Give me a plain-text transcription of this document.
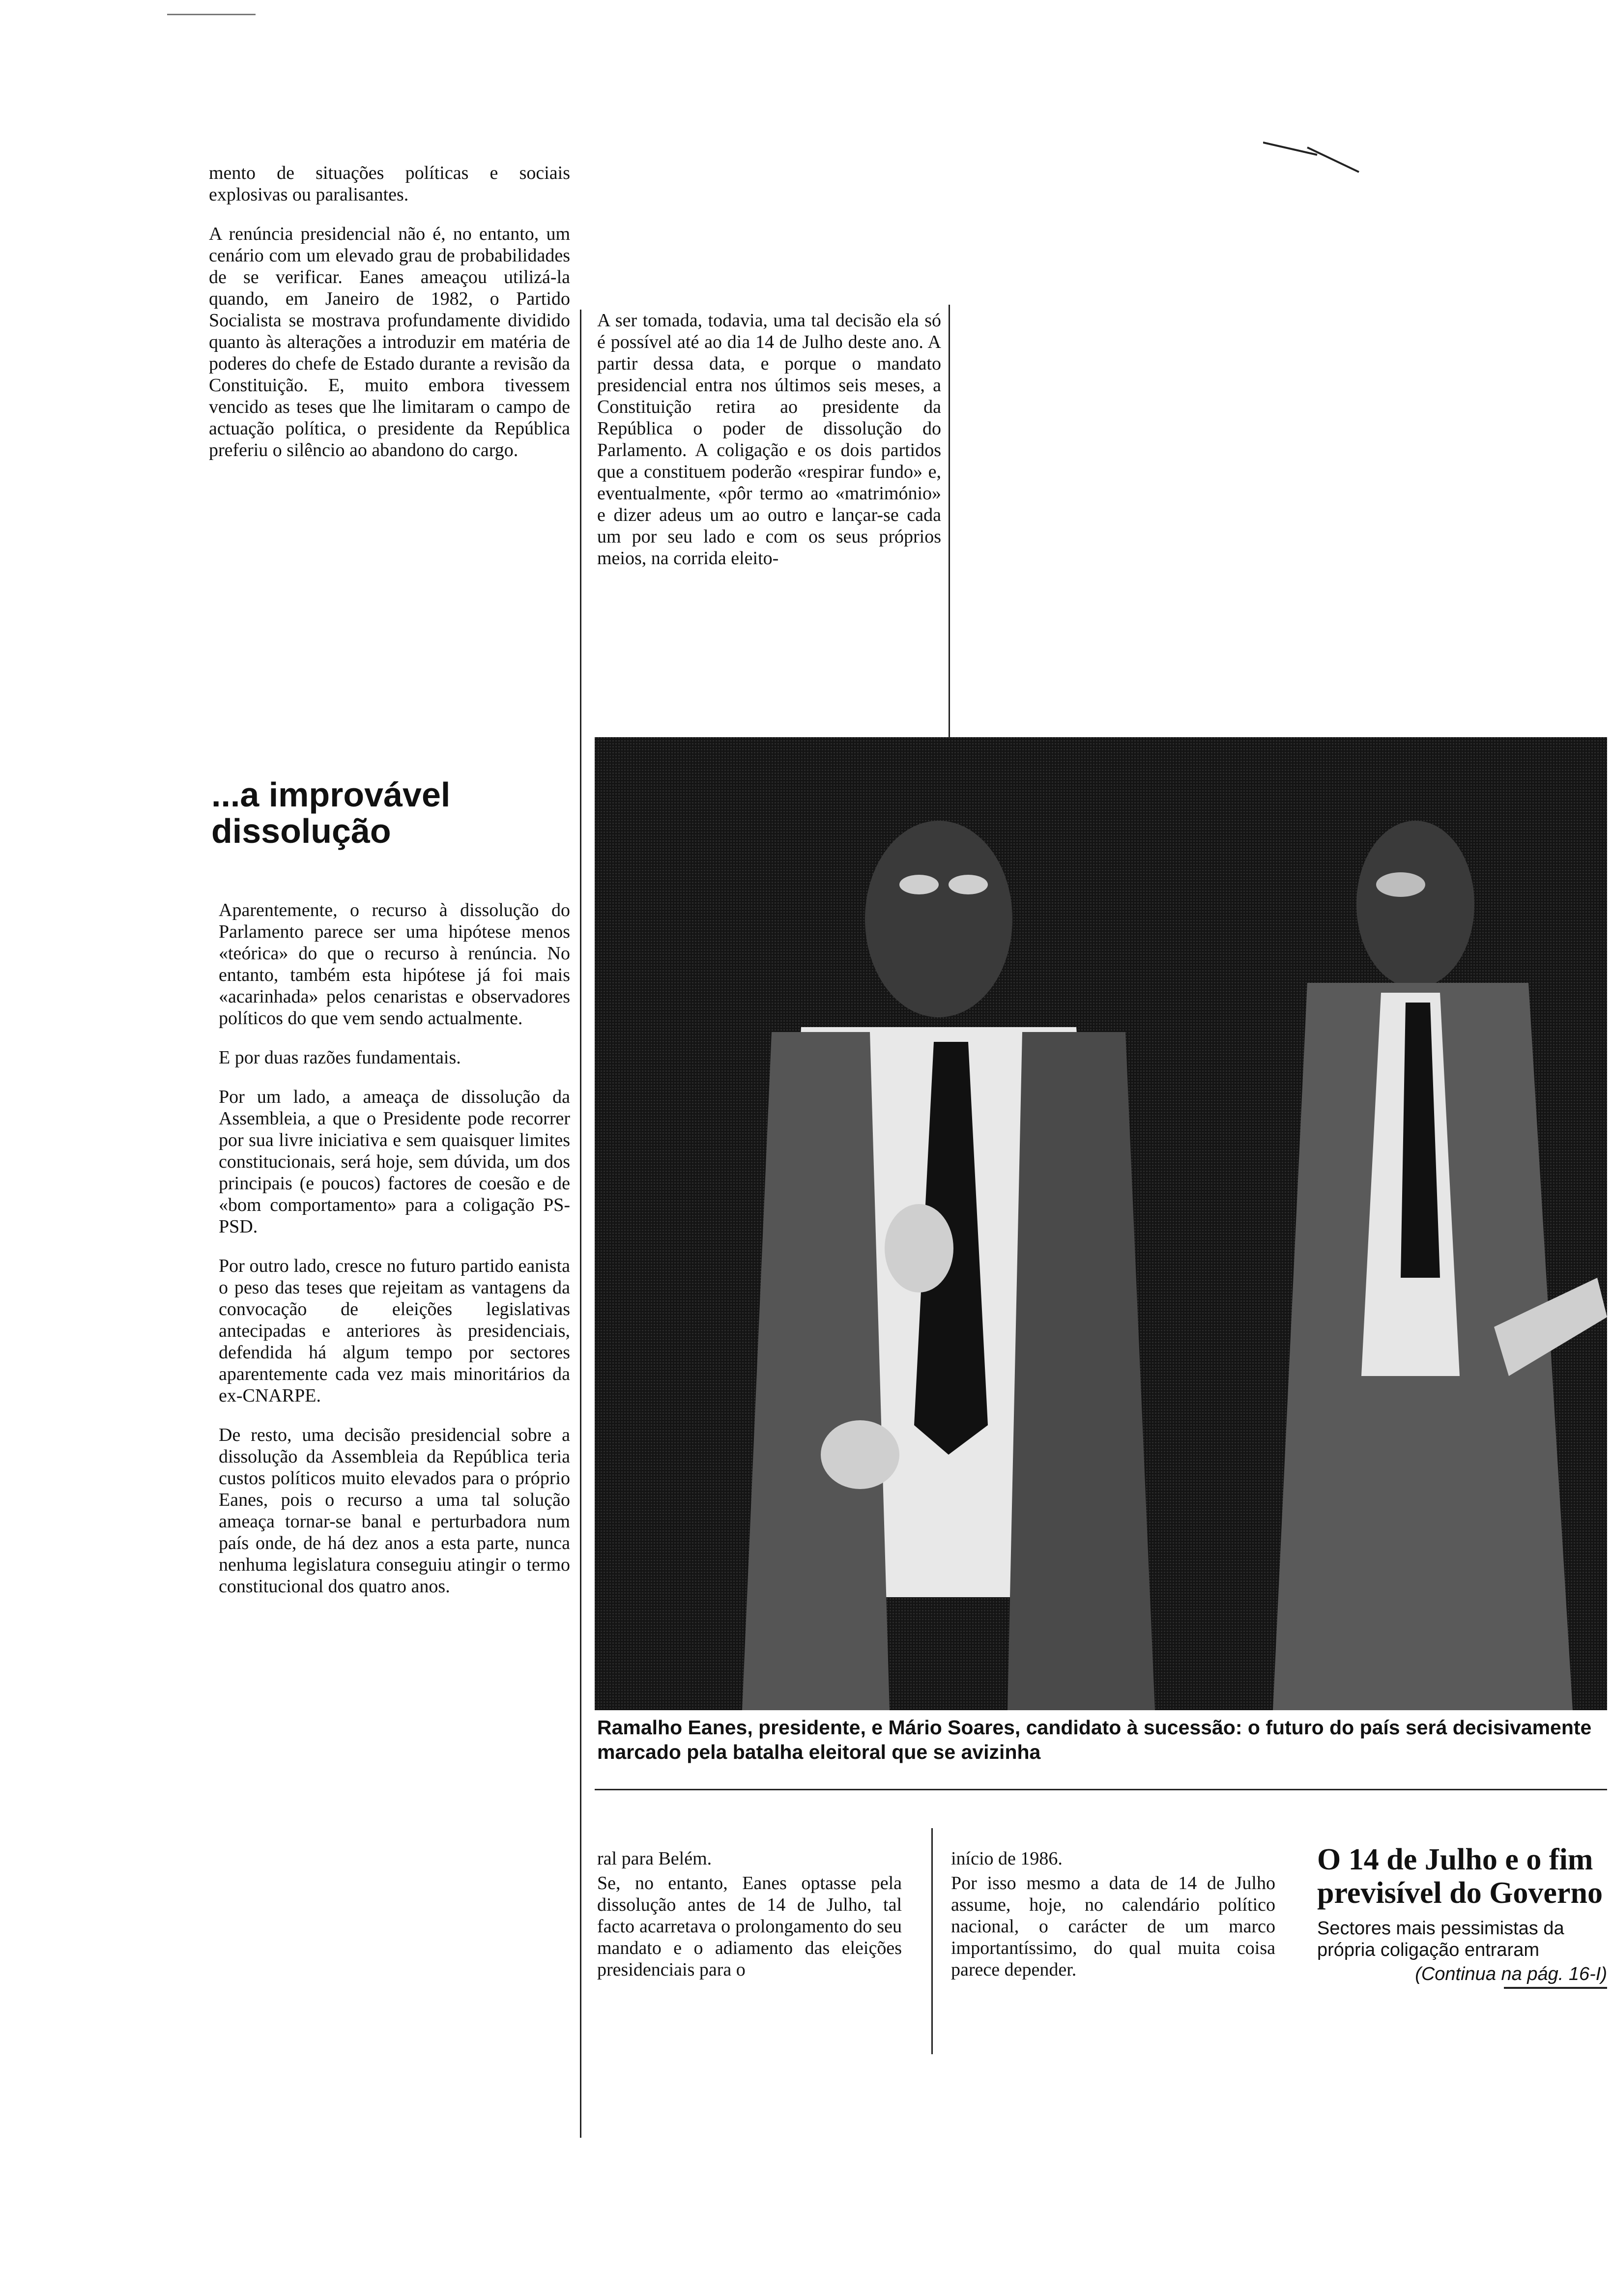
mento de situações políticas e sociais explosivas ou paralisantes.

A renúncia presidencial não é, no entanto, um cenário com um elevado grau de probabilidades de se verificar. Eanes ameaçou utilizá-la quando, em Janeiro de 1982, o Partido Socialista se mostrava profundamente dividido quanto às alterações a introduzir em matéria de poderes do chefe de Estado durante a revisão da Constituição. E, muito embora tivessem vencido as teses que lhe limitaram o campo de actuação política, o presidente da República preferiu o silêncio ao abandono do cargo.

...a improvável dissolução

Aparentemente, o recurso à dissolução do Parlamento parece ser uma hipótese menos «teórica» do que o recurso à renúncia. No entanto, também esta hipótese já foi mais «acarinhada» pelos cenaristas e observadores políticos do que vem sendo actualmente.

E por duas razões fundamentais.

Por um lado, a ameaça de dissolução da Assembleia, a que o Presidente pode recorrer por sua livre iniciativa e sem quaisquer limites constitucionais, será hoje, sem dúvida, um dos principais (e poucos) factores de coesão e de «bom comportamento» para a coligação PS-PSD.

Por outro lado, cresce no futuro partido eanista o peso das teses que rejeitam as vantagens da convocação de eleições legislativas antecipadas e anteriores às presidenciais, defendida há algum tempo por sectores aparentemente cada vez mais minoritários da ex-CNARPE.

De resto, uma decisão presidencial sobre a dissolução da Assembleia da República teria custos políticos muito elevados para o próprio Eanes, pois o recurso a uma tal solução ameaça tornar-se banal e perturbadora num país onde, de há dez anos a esta parte, nunca nenhuma legislatura conseguiu atingir o termo constitucional dos quatro anos.

A ser tomada, todavia, uma tal decisão ela só é possível até ao dia 14 de Julho deste ano. A partir dessa data, e porque o mandato presidencial entra nos últimos seis meses, a Constituição retira ao presidente da República o poder de dissolução do Parlamento. A coligação e os dois partidos que a constituem poderão «respirar fundo» e, eventualmente, «pôr termo ao «matrimónio» e dizer adeus um ao outro e lançar-se cada um por seu lado e com os seus próprios meios, na corrida eleito-

Ramalho Eanes, presidente, e Mário Soares, candidato à sucessão: o futuro do país será decisivamente marcado pela batalha eleitoral que se avizinha

ral para Belém.

Se, no entanto, Eanes optasse pela dissolução antes de 14 de Julho, tal facto acarretava o prolongamento do seu mandato e o adiamento das eleições presidenciais para o

início de 1986.

Por isso mesmo a data de 14 de Julho assume, hoje, no calendário político nacional, o carácter de um marco importantíssimo, do qual muita coisa parece depender.

O 14 de Julho e o fim previsível do Governo

Sectores mais pessimistas da própria coligação entraram

(Continua na pág. 16-I)
